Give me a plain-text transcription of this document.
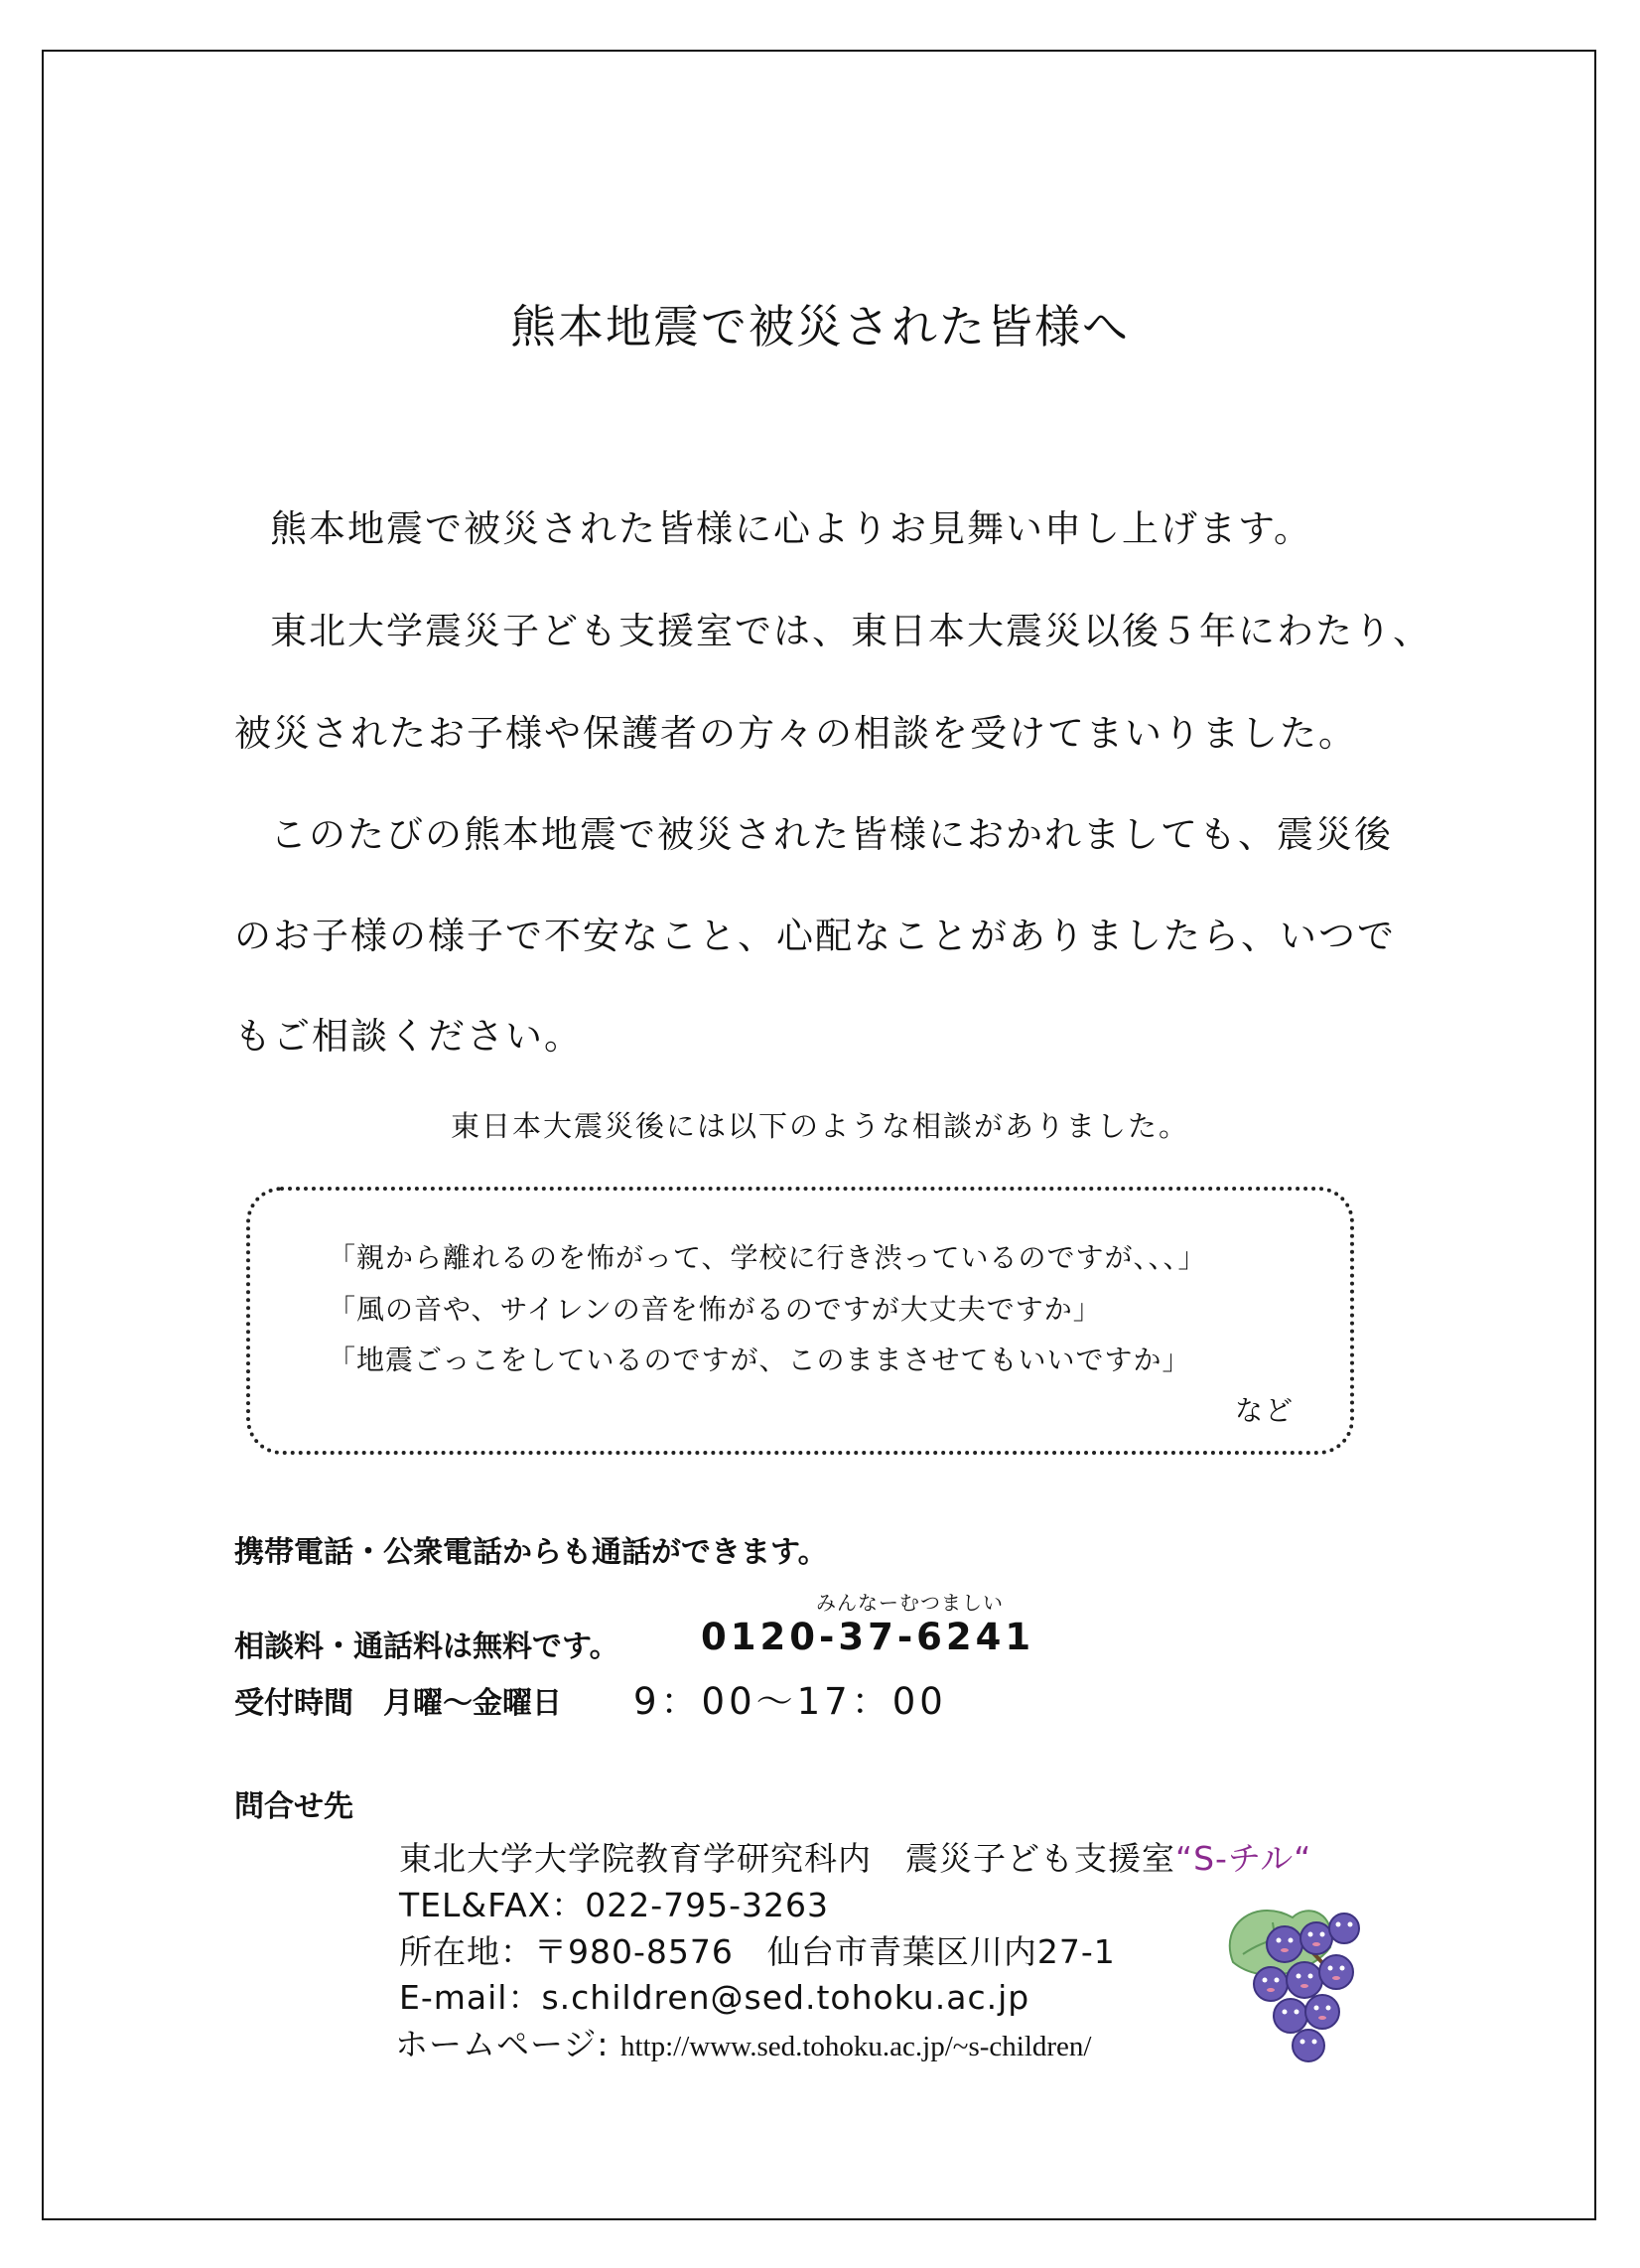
熊本地震で被災された皆様へ
熊本地震で被災された皆様に心よりお見舞い申し上げます。
東北大学震災子ども支援室では、東日本大震災以後５年にわたり、
被災されたお子様や保護者の方々の相談を受けてまいりました。
このたびの熊本地震で被災された皆様におかれましても、震災後
のお子様の様子で不安なこと、心配なことがありましたら、いつで
もご相談ください。
東日本大震災後には以下のような相談がありました。
「親から離れるのを怖がって、学校に行き渋っているのですが、、、」
「風の音や、サイレンの音を怖がるのですが大丈夫ですか」
「地震ごっこをしているのですが、このままさせてもいいですか」
など
携帯電話・公衆電話からも通話ができます。
みんなーむつましい
相談料・通話料は無料です。 0120-37-6241
受付時間　月曜～金曜日 9：00～17：00
問合せ先
東北大学大学院教育学研究科内　震災子ども支援室“S-チル“
TEL&FAX：022-795-3263
所在地：〒980-8576　仙台市青葉区川内27-1
E-mail：s.children@sed.tohoku.ac.jp
ホームページ: http://www.sed.tohoku.ac.jp/~s-children/
